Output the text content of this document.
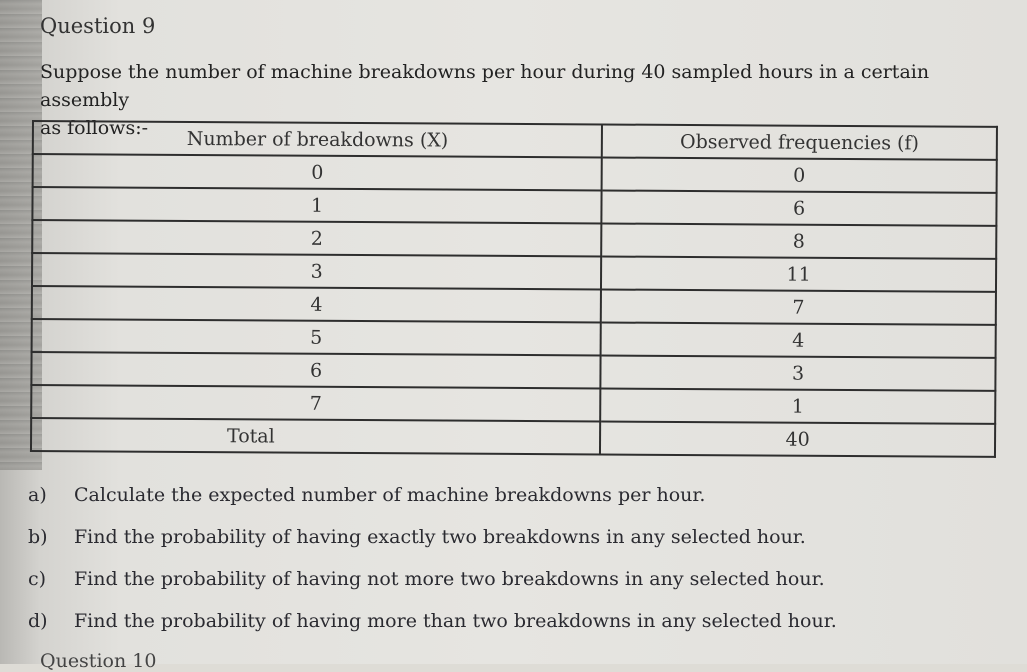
Question 9
Suppose the number of machine breakdowns per hour during 40 sampled hours in a certain assembly
as follows:-	Number of breakdowns (X)	Observed frequencies (f)
0	0
1	6
2	8
3	11
4	7
5	4
6	3
7	1
Total	40
a) Calculate the expected number of machine breakdowns per hour.
b) Find the probability of having exactly two breakdowns in any selected hour.
c) Find the probability of having not more two breakdowns in any selected hour.
d) Find the probability of having more than two breakdowns in any selected hour.
Question 10
